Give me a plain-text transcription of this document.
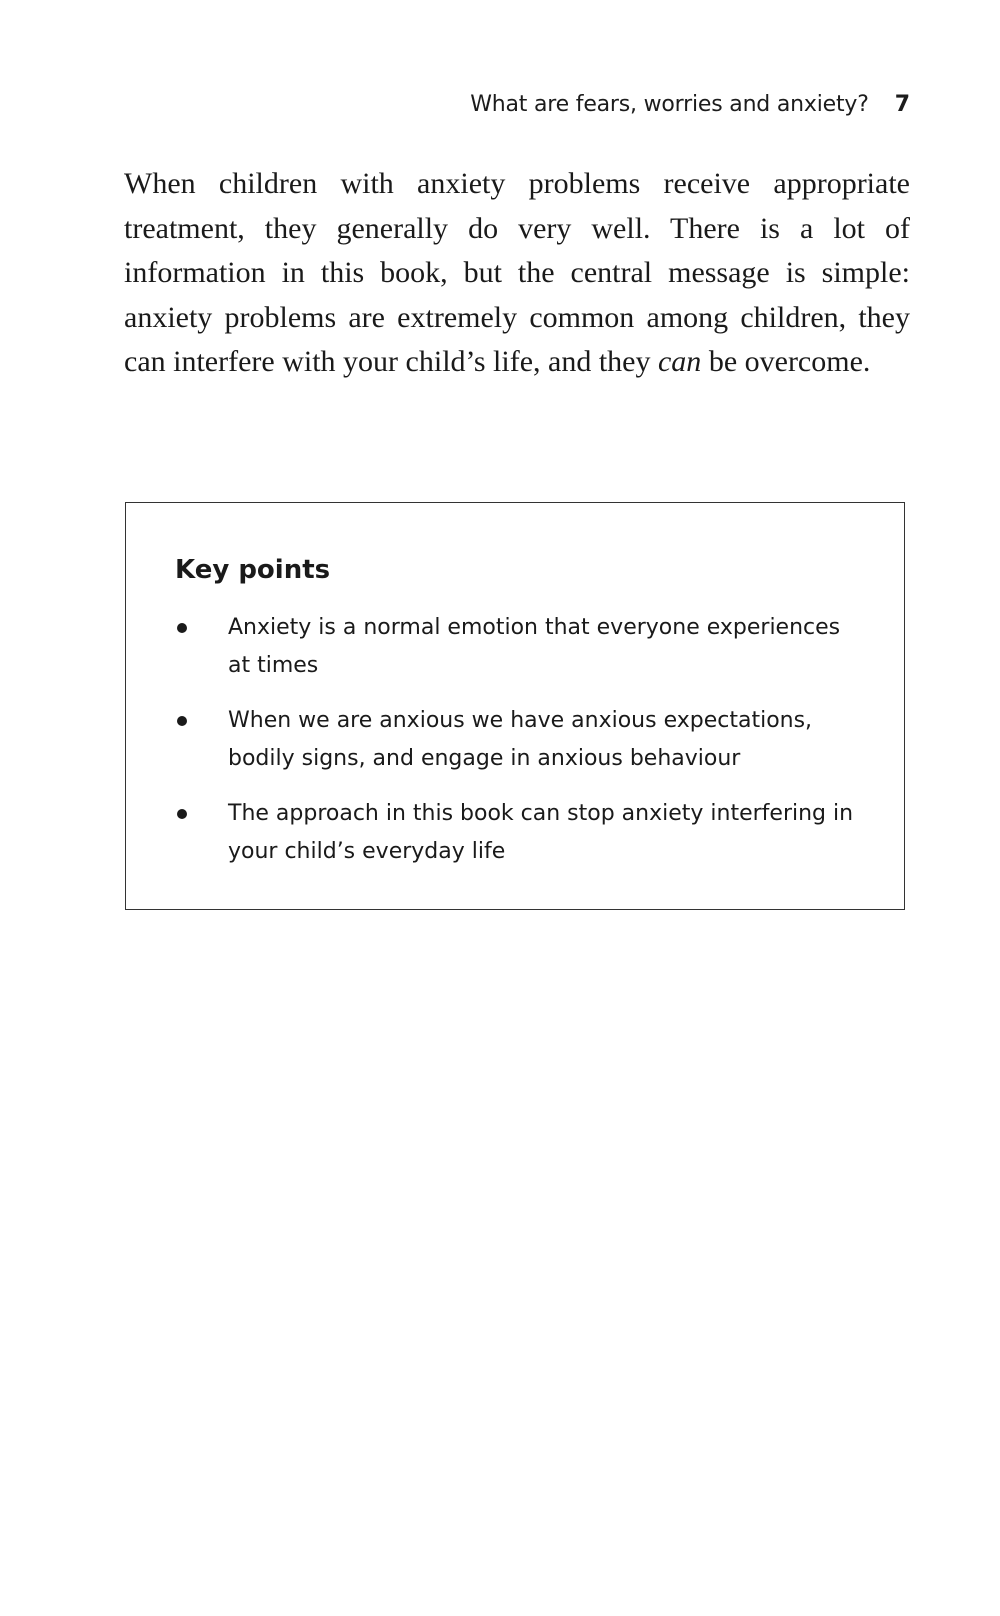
What are fears, worries and anxiety? 7

When children with anxiety problems receive appropriate treatment, they generally do very well. There is a lot of information in this book, but the central message is simple: anxiety problems are extremely common among children, they can interfere with your child’s life, and they can be overcome.

Key points
Anxiety is a normal emotion that everyone experiences at times
When we are anxious we have anxious expectations, bodily signs, and engage in anxious behaviour
The approach in this book can stop anxiety interfering in your child’s everyday life
